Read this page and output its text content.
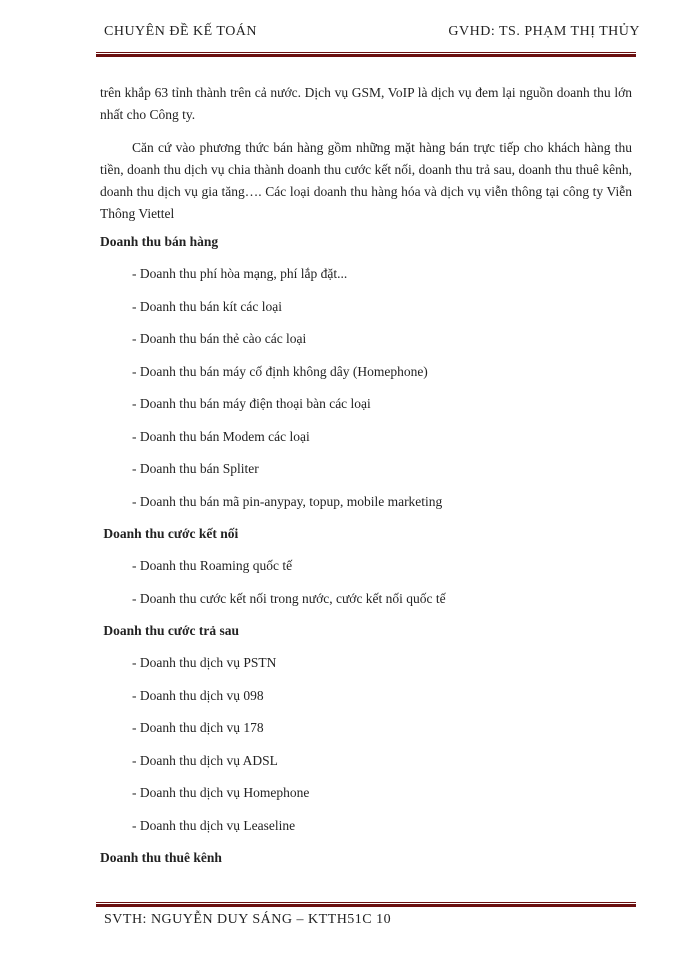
CHUYÊN ĐỀ KẾ TOÁN	GVHD: TS. PHẠM THỊ THỦY

trên khắp 63 tỉnh thành trên cả nước. Dịch vụ GSM, VoIP là dịch vụ đem lại nguồn doanh thu lớn nhất cho Công ty.

Căn cứ vào phương thức bán hàng gồm những mặt hàng bán trực tiếp cho khách hàng thu tiền, doanh thu dịch vụ chia thành doanh thu cước kết nối, doanh thu trả sau, doanh thu thuê kênh, doanh thu dịch vụ gia tăng…. Các loại doanh thu hàng hóa và dịch vụ viễn thông tại công ty Viễn Thông Viettel

Doanh thu bán hàng

- Doanh thu phí hòa mạng, phí lắp đặt...
- Doanh thu bán kít các loại
- Doanh thu bán thẻ cào các loại
- Doanh thu bán máy cố định không dây (Homephone)
- Doanh thu bán máy điện thoại bàn các loại
- Doanh thu bán Modem các loại
- Doanh thu bán Spliter
- Doanh thu bán mã pin-anypay, topup, mobile marketing

Doanh thu cước kết nối

- Doanh thu Roaming quốc tế
- Doanh thu cước kết nối trong nước, cước kết nối quốc tế

Doanh thu cước trả sau

- Doanh thu dịch vụ PSTN
- Doanh thu dịch vụ 098
- Doanh thu dịch vụ 178
- Doanh thu dịch vụ ADSL
- Doanh thu dịch vụ Homephone
- Doanh thu dịch vụ Leaseline

Doanh thu thuê kênh

SVTH: NGUYỄN DUY SÁNG – KTTH51C 10
